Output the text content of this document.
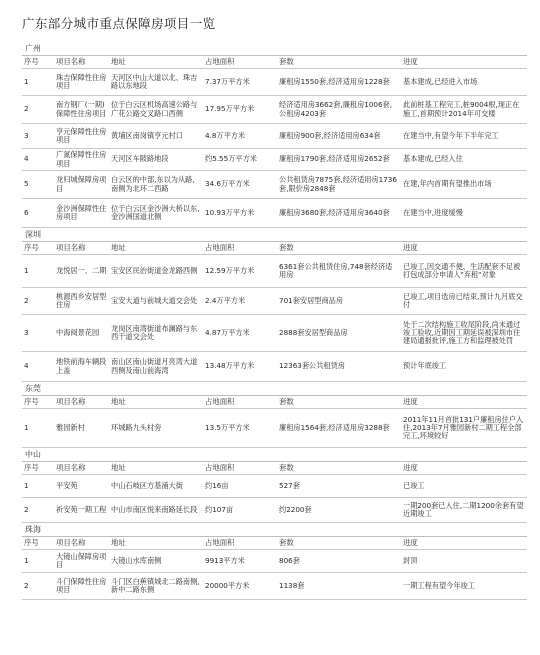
广东部分城市重点保障房项目一览
广州					
序号	项目名称	地址	占地面积	套数	进度
1	珠吉保障性住房项目	天河区中山大道以北、珠吉路以东地段	7.37万平方米	廉租房1550套,经济适用房1228套	基本建成,已经进入市场
2	南方钢厂(一期)保障性住房项目	位于白云区机场高速公路与广花公路交叉路口西侧	17.95万平方米	经济适用房3662套,廉租房1006套,公租房4203套	此前桩基工程完工,桩9004根,现正在施工,首期预计2014年可交楼
3	亨元保障性住房项目	黄埔区南岗镇亨元村口	4.8万平方米	廉租房900套,经济适用房634套	在建当中,有望今年下半年完工
4	广氮保障性住房项目	天河区车陂路地段	约5.55万平方米	廉租房1790套,经济适用房2652套	基本建成,已经入住
5	龙归城保障房项目	白云区的中部,东以为从路,南侧为北环二西路	34.6万平方米	公共租赁房7875套,经济适用房1736套,限价房2848套	在建,年内首期有望推出市场
6	金沙洲保障性住房项目	位于白云区金沙洲大桥以东,金沙洲国道北侧	10.93万平方米	廉租房3680套,经济适用房3640套	在建当中,进度缓慢
深圳					
序号	项目名称	地址	占地面积	套数	进度
1	龙悦居一、二期	宝安区民治街道金龙路西侧	12.59万平方米	6361套公共租赁住房,748套经济适用房	已竣工,因交通不便、生活配套不足被打包成部分申请人"弃租"对象
2	桃源西乡安居型住房	宝安大道与前城大道交会处	2.4万平方米	701套安居型商品房	已竣工,项目选房已结束,预计九月底交付
3	中海阅景花园	龙岗区南湾街道布澜路与东西干道交会处	4.87万平方米	2888套安居型商品房	处于二次结构施工收尾阶段,尚未通过竣工验收,近期因工期延误被深圳市住建局通报批评,施工方和监理被处罚
4	地铁前海车辆段上盖	南山区南山街道月亮湾大道西侧及南山前海湾	13.48万平方米	12363套公共租赁房	预计年底竣工
东莞					
序号	项目名称	地址	占地面积	套数	进度
1	雅园新村	环城路九头村旁	13.5万平方米	廉租房1564套,经济适用房3288套	2011年11月首批131户廉租房住户入住,2013年7月雅园新村二期工程全部完工,环境较好
中山					
序号	项目名称	地址	占地面积	套数	进度
1	平安苑	中山石岐区方基涌大街	约16亩	527套	已竣工
2	祈安苑一期工程	中山市南区悦来南路延长段	约107亩	约2200套	一期200套已入住,二期1200余套有望近期竣工
珠海					
序号	项目名称	地址	占地面积	套数	进度
1	大镜山保障房项目	大镜山水库南侧	9913平方米	806套	封顶
2	斗门保障性住房项目	斗门区白蕉镇城北二路南侧,新中二路东侧	20000平方米	1138套	一期工程有望今年竣工
